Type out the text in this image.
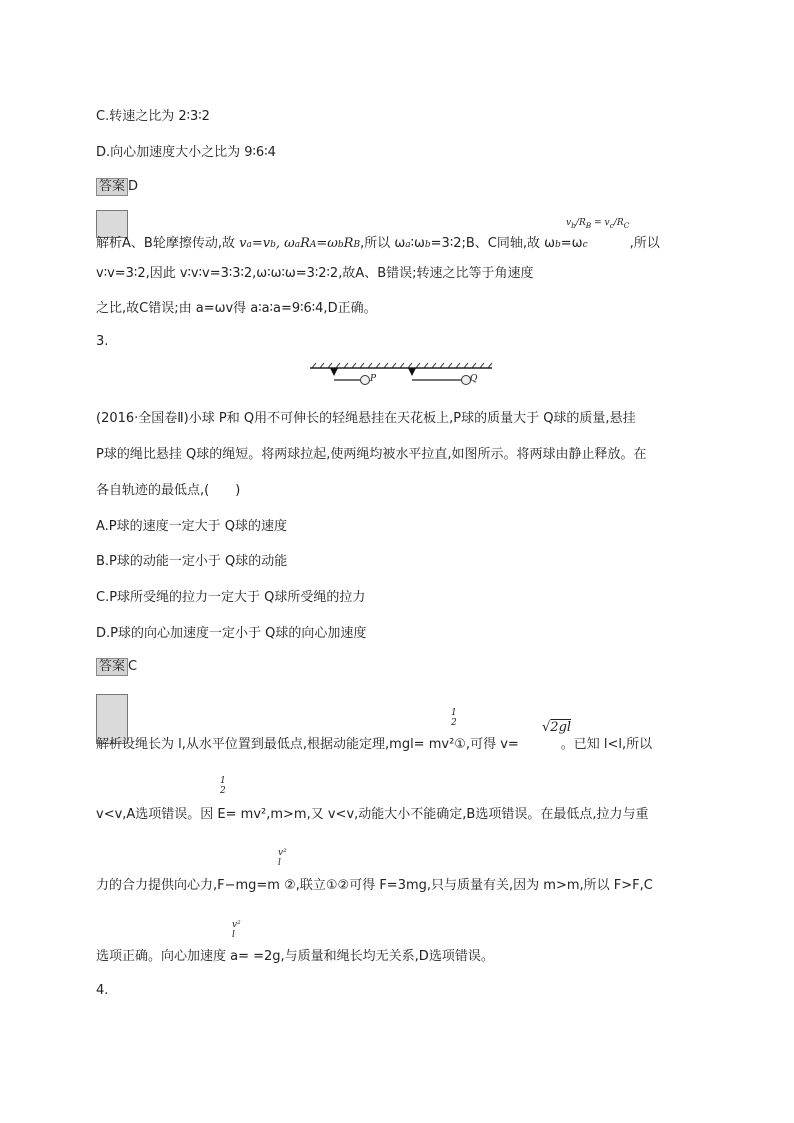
C.转速之比为 2∶3∶2
D.向心加速度大小之比为 9∶6∶4
答案 D
解析A、B轮摩擦传动,故 va=vb, ωaRA=ωbRB,所以 ωa∶ωb=3∶2;B、C同轴,故 ωb=ωc	,所以
$v_b/R_B = v_c/R_C$
v∶v=3∶2,因此 v∶v∶v=3∶3∶2,ω∶ω∶ω=3∶2∶2,故A、B错误;转速之比等于角速度
之比,故C错误;由 a=ωv得 a∶a∶a=9∶6∶4,D正确。
3.
P	Q
(2016·全国卷Ⅱ)小球 P和 Q用不可伸长的轻绳悬挂在天花板上,P球的质量大于 Q球的质量,悬挂
P球的绳比悬挂 Q球的绳短。将两球拉起,使两绳均被水平拉直,如图所示。将两球由静止释放。在
各自轨迹的最低点,(　　)
A.P球的速度一定大于 Q球的速度
B.P球的动能一定小于 Q球的动能
C.P球所受绳的拉力一定大于 Q球所受绳的拉力
D.P球的向心加速度一定小于 Q球的向心加速度
答案 C
1
2	√2gl
解析设绳长为 l,从水平位置到最低点,根据动能定理,mgl= mv²①,可得 v=	。已知 l<l,所以
1
2
v<v,A选项错误。因 E= mv²,m>m,又 v<v,动能大小不能确定,B选项错误。在最低点,拉力与重
v²
l
力的合力提供向心力,F−mg=m ②,联立①②可得 F=3mg,只与质量有关,因为 m>m,所以 F>F,C
v²
l
选项正确。向心加速度 a= =2g,与质量和绳长均无关系,D选项错误。
4.
